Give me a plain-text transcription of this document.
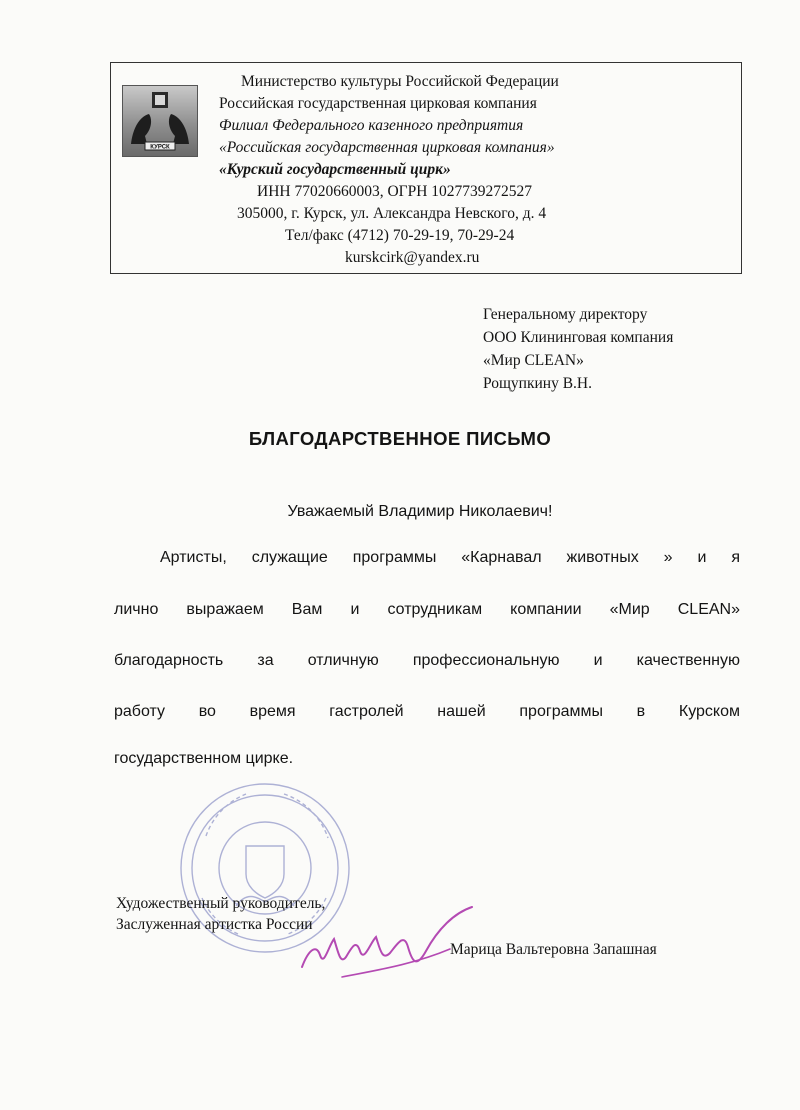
КУРСК
Министерство культуры Российской Федерации
Российская государственная цирковая компания
Филиал Федерального казенного предприятия
«Российская государственная цирковая компания»
«Курский государственный цирк»
ИНН 77020660003, ОГРН 1027739272527
305000, г. Курск, ул. Александра Невского, д. 4
Тел/факс (4712) 70-29-19, 70-29-24
kurskcirk@yandex.ru
Генеральному директору
ООО Клининговая компания
«Мир CLEAN»
Рощупкину В.Н.
БЛАГОДАРСТВЕННОЕ ПИСЬМО
Уважаемый Владимир Николаевич!
Артисты, служащие программы «Карнавал животных » и я
лично выражаем Вам и сотрудникам компании «Мир CLEAN»
благодарность за отличную профессиональную и качественную
работу во время гастролей нашей программы в Курском
государственном цирке.
Художественный руководитель,
Заслуженная артистка России
Марица Вальтеровна Запашная
